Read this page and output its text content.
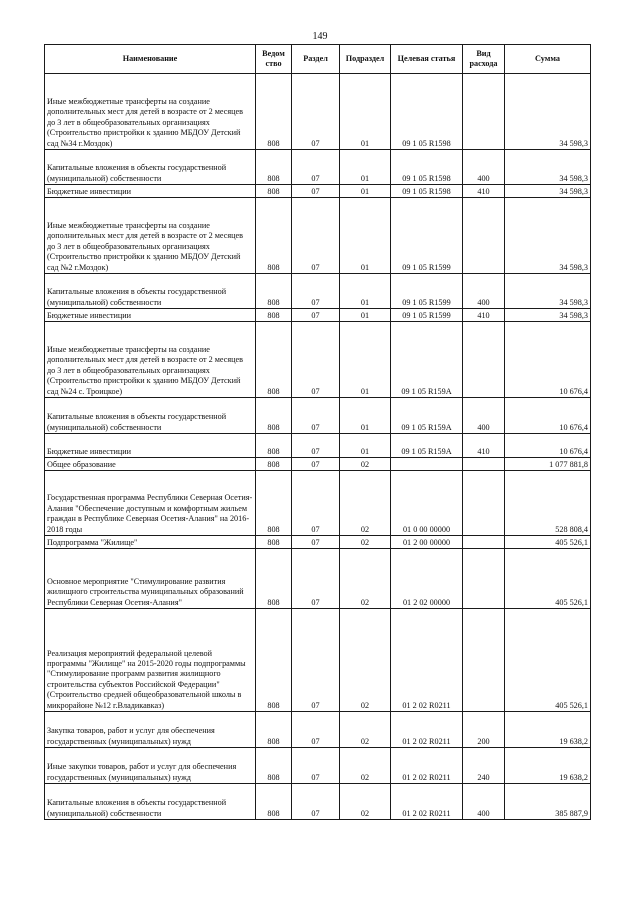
149
Наименование	Ведом ство	Раздел	Подраздел	Целевая статья	Вид расхода	Сумма
Иные межбюджетные трансферты на создание дополнительных мест для детей в возрасте от 2 месяцев до 3 лет в общеобразовательных организациях (Строительство пристройки к зданию МБДОУ Детский сад №34 г.Моздок)	808	07	01	09 1 05 R1598		34 598,3
Капитальные вложения в объекты государственной (муниципальной) собственности	808	07	01	09 1 05 R1598	400	34 598,3
Бюджетные инвестиции	808	07	01	09 1 05 R1598	410	34 598,3
Иные межбюджетные трансферты на создание дополнительных мест для детей в возрасте от 2 месяцев до 3 лет в общеобразовательных организациях (Строительство пристройки к зданию МБДОУ Детский сад №2 г.Моздок)	808	07	01	09 1 05 R1599		34 598,3
Капитальные вложения в объекты государственной (муниципальной) собственности	808	07	01	09 1 05 R1599	400	34 598,3
Бюджетные инвестиции	808	07	01	09 1 05 R1599	410	34 598,3
Иные межбюджетные трансферты на создание дополнительных мест для детей в возрасте от 2 месяцев до 3 лет в общеобразовательных организациях (Строительство пристройки к зданию МБДОУ Детский сад №24 с. Троицкое)	808	07	01	09 1 05 R159A		10 676,4
Капитальные вложения в объекты государственной (муниципальной) собственности	808	07	01	09 1 05 R159A	400	10 676,4
Бюджетные инвестиции	808	07	01	09 1 05 R159A	410	10 676,4
Общее образование	808	07	02			1 077 881,8
Государственная программа Республики Северная Осетия-Алания "Обеспечение доступным и комфортным жильем граждан в Республике Северная Осетия-Алания" на 2016-2018 годы	808	07	02	01 0 00 00000		528 808,4
Подпрограмма "Жилище"	808	07	02	01 2 00 00000		405 526,1
Основное мероприятие "Стимулирование развития жилищного строительства муниципальных образований Республики Северная Осетия-Алания"	808	07	02	01 2 02 00000		405 526,1
Реализация мероприятий федеральной целевой программы "Жилище" на 2015-2020 годы подпрограммы "Стимулирование программ развития жилищного строительства субъектов Российской Федерации" (Строительство средней общеобразовательной школы в микрорайоне №12 г.Владикавказ)	808	07	02	01 2 02 R0211		405 526,1
Закупка товаров, работ и услуг для обеспечения государственных (муниципальных) нужд	808	07	02	01 2 02 R0211	200	19 638,2
Иные закупки товаров, работ и услуг для обеспечения государственных (муниципальных) нужд	808	07	02	01 2 02 R0211	240	19 638,2
Капитальные вложения в объекты государственной (муниципальной) собственности	808	07	02	01 2 02 R0211	400	385 887,9
